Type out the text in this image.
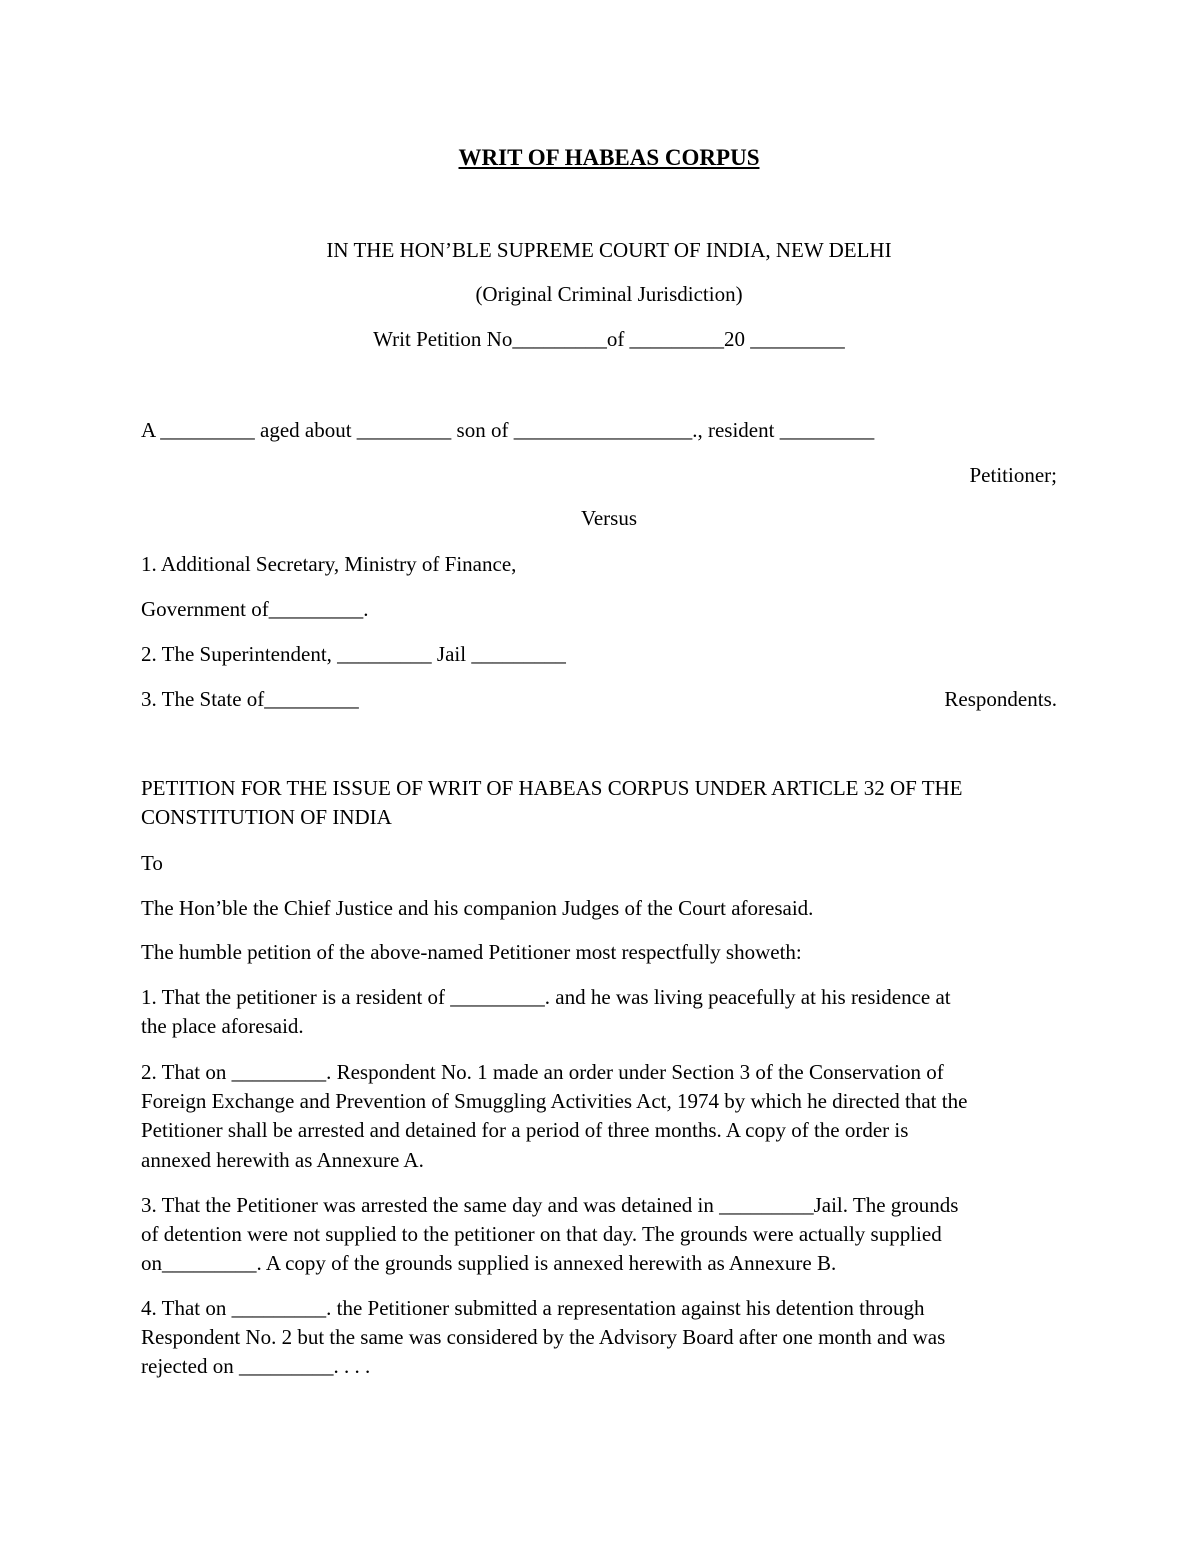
WRIT OF HABEAS CORPUS
IN THE HON’BLE SUPREME COURT OF INDIA, NEW DELHI
(Original Criminal Jurisdiction)
Writ Petition No_________of _________20 _________
A _________ aged about _________ son of _________________., resident _________
Petitioner;
Versus
1. Additional Secretary, Ministry of Finance,
Government of_________.
2. The Superintendent, _________ Jail _________
3. The State of_________	Respondents.
PETITION FOR THE ISSUE OF WRIT OF HABEAS CORPUS UNDER ARTICLE 32 OF THE
CONSTITUTION OF INDIA
To
The Hon’ble the Chief Justice and his companion Judges of the Court aforesaid.
The humble petition of the above-named Petitioner most respectfully showeth:
1. That the petitioner is a resident of _________. and he was living peacefully at his residence at
the place aforesaid.
2. That on _________. Respondent No. 1 made an order under Section 3 of the Conservation of
Foreign Exchange and Prevention of Smuggling Activities Act, 1974 by which he directed that the
Petitioner shall be arrested and detained for a period of three months. A copy of the order is
annexed herewith as Annexure A.
3. That the Petitioner was arrested the same day and was detained in _________Jail. The grounds
of detention were not supplied to the petitioner on that day. The grounds were actually supplied
on_________. A copy of the grounds supplied is annexed herewith as Annexure B.
4. That on _________. the Petitioner submitted a representation against his detention through
Respondent No. 2 but the same was considered by the Advisory Board after one month and was
rejected on _________. . . .
